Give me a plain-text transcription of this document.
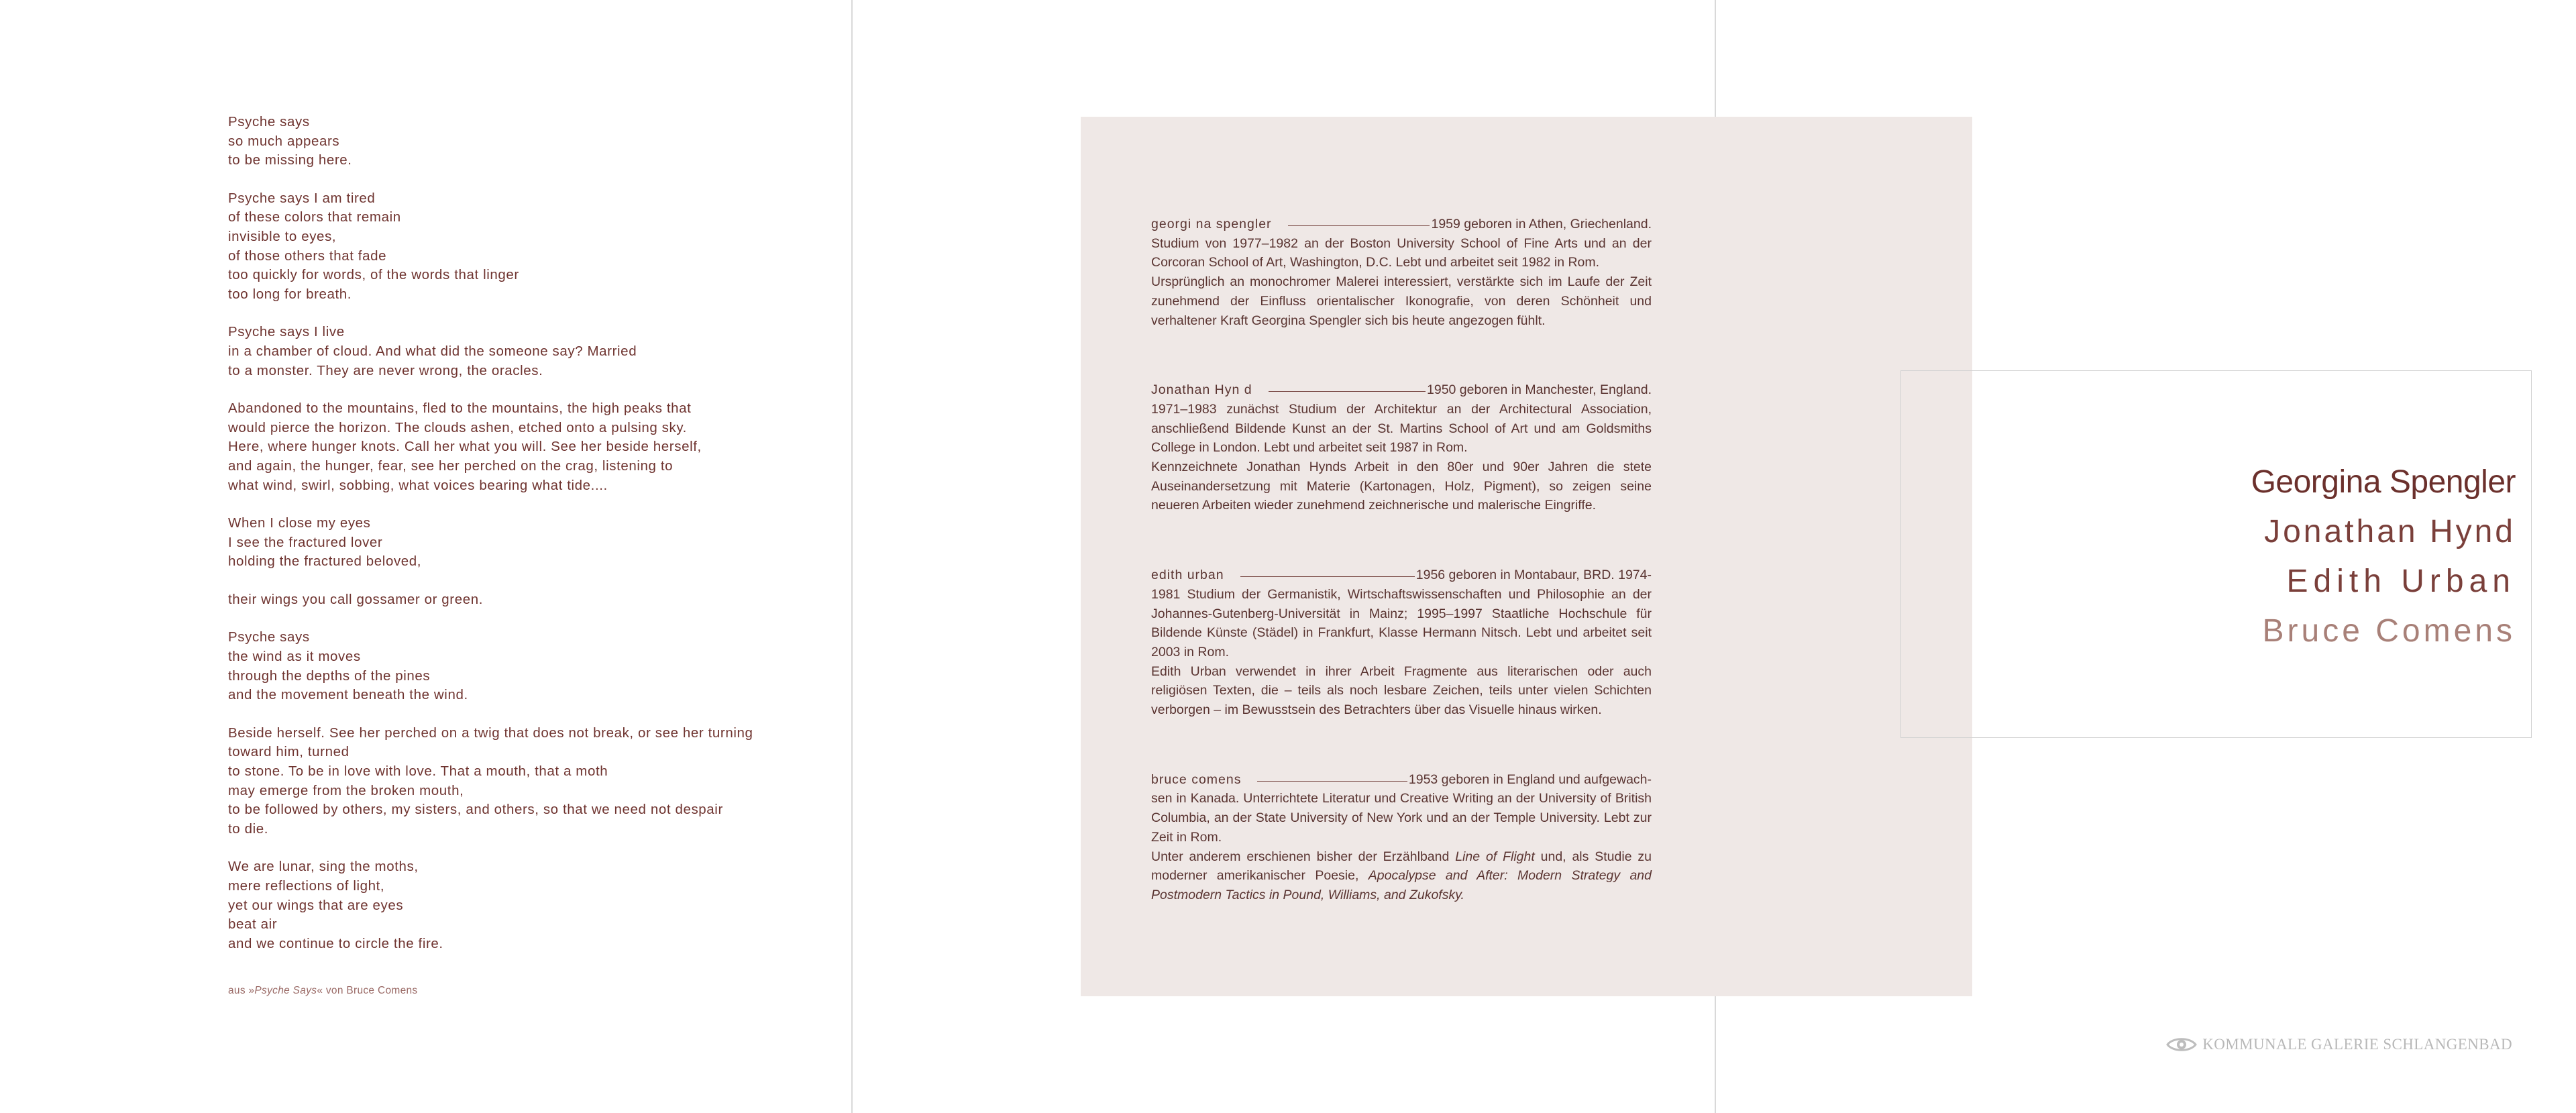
Psyche says
so much appears
to be missing here.
Psyche says I am tired
of these colors that remain
invisible to eyes,
of those others that fade
too quickly for words, of the words that linger
too long for breath.
Psyche says I live
in a chamber of cloud. And what did the someone say? Married
to a monster. They are never wrong, the oracles.
Abandoned to the mountains, fled to the mountains, the high peaks that
would pierce the horizon. The clouds ashen, etched onto a pulsing sky.
Here, where hunger knots. Call her what you will. See her beside herself,
and again, the hunger, fear, see her perched on the crag, listening to
what wind, swirl, sobbing, what voices bearing what tide....
When I close my eyes
I see the fractured lover
holding the fractured beloved,
their wings you call gossamer or green.
Psyche says
the wind as it moves
through the depths of the pines
and the movement beneath the wind.
Beside herself. See her perched on a twig that does not break, or see her turning
toward him, turned
to stone. To be in love with love. That a mouth, that a moth
may emerge from the broken mouth,
to be followed by others, my sisters, and others, so that we need not despair
to die.
We are lunar, sing the moths,
mere reflections of light,
yet our wings that are eyes
beat air
and we continue to circle the fire.
aus »Psyche Says« von Bruce Comens
georgi na spengler	1959 geboren in Athen, Griechenland.

Studium von 1977–1982 an der Boston University School of Fine Arts und an der Corcoran School of Art, Washington, D.C. Lebt und arbeitet seit 1982 in Rom.

Ursprünglich an monochromer Malerei interessiert, verstärkte sich im Laufe der Zeit zunehmend der Einfluss orientalischer Ikonografie, von deren Schönheit und verhaltener Kraft Georgina Spengler sich bis heute angezogen fühlt.

Jonathan Hyn d	1950 geboren in Manchester, England.

1971–1983 zunächst Studium der Architektur an der Architectural Association, anschließend Bildende Kunst an der St. Martins School of Art und am Goldsmiths College in London. Lebt und arbeitet seit 1987 in Rom.

Kennzeichnete Jonathan Hynds Arbeit in den 80er und 90er Jahren die stete Auseinandersetzung mit Materie (Kartonagen, Holz, Pigment), so zeigen seine neueren Arbeiten wieder zunehmend zeichnerische und malerische Eingriffe.

edith urban	1956 geboren in Montabaur, BRD. 1974-

1981 Studium der Germanistik, Wirtschaftswissenschaften und Philosophie an der Johannes-Gutenberg-Universität in Mainz; 1995–1997 Staatliche Hochschule für Bildende Künste (Städel) in Frankfurt, Klasse Hermann Nitsch. Lebt und arbeitet seit 2003 in Rom.

Edith Urban verwendet in ihrer Arbeit Fragmente aus literarischen oder auch religiösen Texten, die – teils als noch lesbare Zeichen, teils unter vielen Schichten verborgen – im Bewusstsein des Betrachters über das Visuelle hinaus wirken.

bruce comens	1953 geboren in England und aufgewach-

sen in Kanada. Unterrichtete Literatur und Creative Writing an der University of British Columbia, an der State University of New York und an der Temple University. Lebt zur Zeit in Rom.

Unter anderem erschienen bisher der Erzählband Line of Flight und, als Studie zu moderner amerikanischer Poesie, Apocalypse and After: Modern Strategy and Postmodern Tactics in Pound, Williams, and Zukofsky.

Georgina Spengler
Jonathan Hynd
Edith Urban
Bruce Comens
KOMMUNALE GALERIE SCHLANGENBAD
